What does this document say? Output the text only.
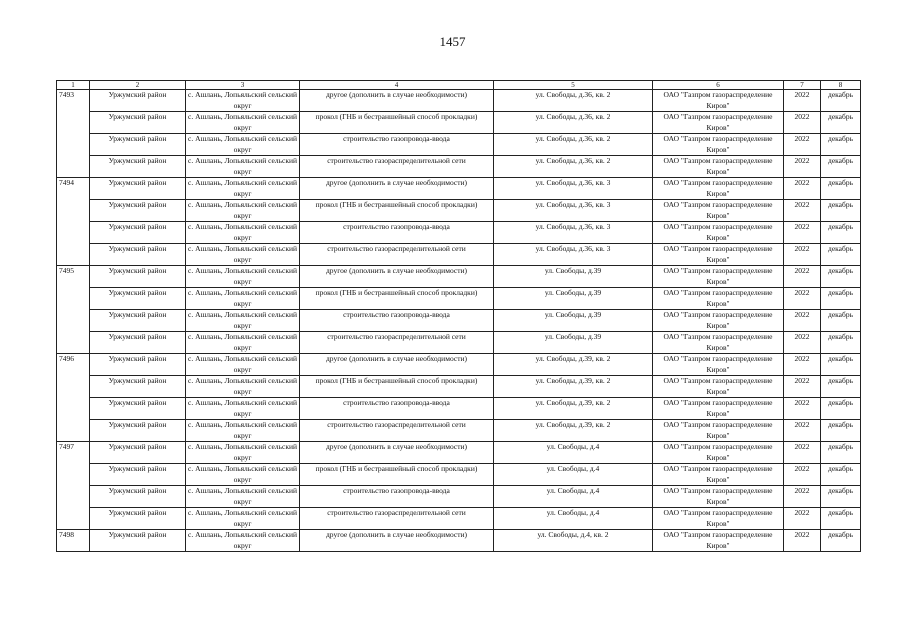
1457
1	2	3	4	5	6	7	8
7493	Уржумский район	с. Ашлань, Лопьяльский сельский округ	другое (дополнить в случае необходимости)	ул. Свободы, д.36, кв. 2	ОАО "Газпром газораспределение Киров"	2022	декабрь
	Уржумский район	с. Ашлань, Лопьяльский сельский округ	прокол (ГНБ и бестраншейный способ прокладки)	ул. Свободы, д.36, кв. 2	ОАО "Газпром газораспределение Киров"	2022	декабрь
	Уржумский район	с. Ашлань, Лопьяльский сельский округ	строительство газопровода-ввода	ул. Свободы, д.36, кв. 2	ОАО "Газпром газораспределение Киров"	2022	декабрь
	Уржумский район	с. Ашлань, Лопьяльский сельский округ	строительство газораспределительной сети	ул. Свободы, д.36, кв. 2	ОАО "Газпром газораспределение Киров"	2022	декабрь
7494	Уржумский район	с. Ашлань, Лопьяльский сельский округ	другое (дополнить в случае необходимости)	ул. Свободы, д.36, кв. 3	ОАО "Газпром газораспределение Киров"	2022	декабрь
	Уржумский район	с. Ашлань, Лопьяльский сельский округ	прокол (ГНБ и бестраншейный способ прокладки)	ул. Свободы, д.36, кв. 3	ОАО "Газпром газораспределение Киров"	2022	декабрь
	Уржумский район	с. Ашлань, Лопьяльский сельский округ	строительство газопровода-ввода	ул. Свободы, д.36, кв. 3	ОАО "Газпром газораспределение Киров"	2022	декабрь
	Уржумский район	с. Ашлань, Лопьяльский сельский округ	строительство газораспределительной сети	ул. Свободы, д.36, кв. 3	ОАО "Газпром газораспределение Киров"	2022	декабрь
7495	Уржумский район	с. Ашлань, Лопьяльский сельский округ	другое (дополнить в случае необходимости)	ул. Свободы, д.39	ОАО "Газпром газораспределение Киров"	2022	декабрь
	Уржумский район	с. Ашлань, Лопьяльский сельский округ	прокол (ГНБ и бестраншейный способ прокладки)	ул. Свободы, д.39	ОАО "Газпром газораспределение Киров"	2022	декабрь
	Уржумский район	с. Ашлань, Лопьяльский сельский округ	строительство газопровода-ввода	ул. Свободы, д.39	ОАО "Газпром газораспределение Киров"	2022	декабрь
	Уржумский район	с. Ашлань, Лопьяльский сельский округ	строительство газораспределительной сети	ул. Свободы, д.39	ОАО "Газпром газораспределение Киров"	2022	декабрь
7496	Уржумский район	с. Ашлань, Лопьяльский сельский округ	другое (дополнить в случае необходимости)	ул. Свободы, д.39, кв. 2	ОАО "Газпром газораспределение Киров"	2022	декабрь
	Уржумский район	с. Ашлань, Лопьяльский сельский округ	прокол (ГНБ и бестраншейный способ прокладки)	ул. Свободы, д.39, кв. 2	ОАО "Газпром газораспределение Киров"	2022	декабрь
	Уржумский район	с. Ашлань, Лопьяльский сельский округ	строительство газопровода-ввода	ул. Свободы, д.39, кв. 2	ОАО "Газпром газораспределение Киров"	2022	декабрь
	Уржумский район	с. Ашлань, Лопьяльский сельский округ	строительство газораспределительной сети	ул. Свободы, д.39, кв. 2	ОАО "Газпром газораспределение Киров"	2022	декабрь
7497	Уржумский район	с. Ашлань, Лопьяльский сельский округ	другое (дополнить в случае необходимости)	ул. Свободы, д.4	ОАО "Газпром газораспределение Киров"	2022	декабрь
	Уржумский район	с. Ашлань, Лопьяльский сельский округ	прокол (ГНБ и бестраншейный способ прокладки)	ул. Свободы, д.4	ОАО "Газпром газораспределение Киров"	2022	декабрь
	Уржумский район	с. Ашлань, Лопьяльский сельский округ	строительство газопровода-ввода	ул. Свободы, д.4	ОАО "Газпром газораспределение Киров"	2022	декабрь
	Уржумский район	с. Ашлань, Лопьяльский сельский округ	строительство газораспределительной сети	ул. Свободы, д.4	ОАО "Газпром газораспределение Киров"	2022	декабрь
7498	Уржумский район	с. Ашлань, Лопьяльский сельский округ	другое (дополнить в случае необходимости)	ул. Свободы, д.4, кв. 2	ОАО "Газпром газораспределение Киров"	2022	декабрь
